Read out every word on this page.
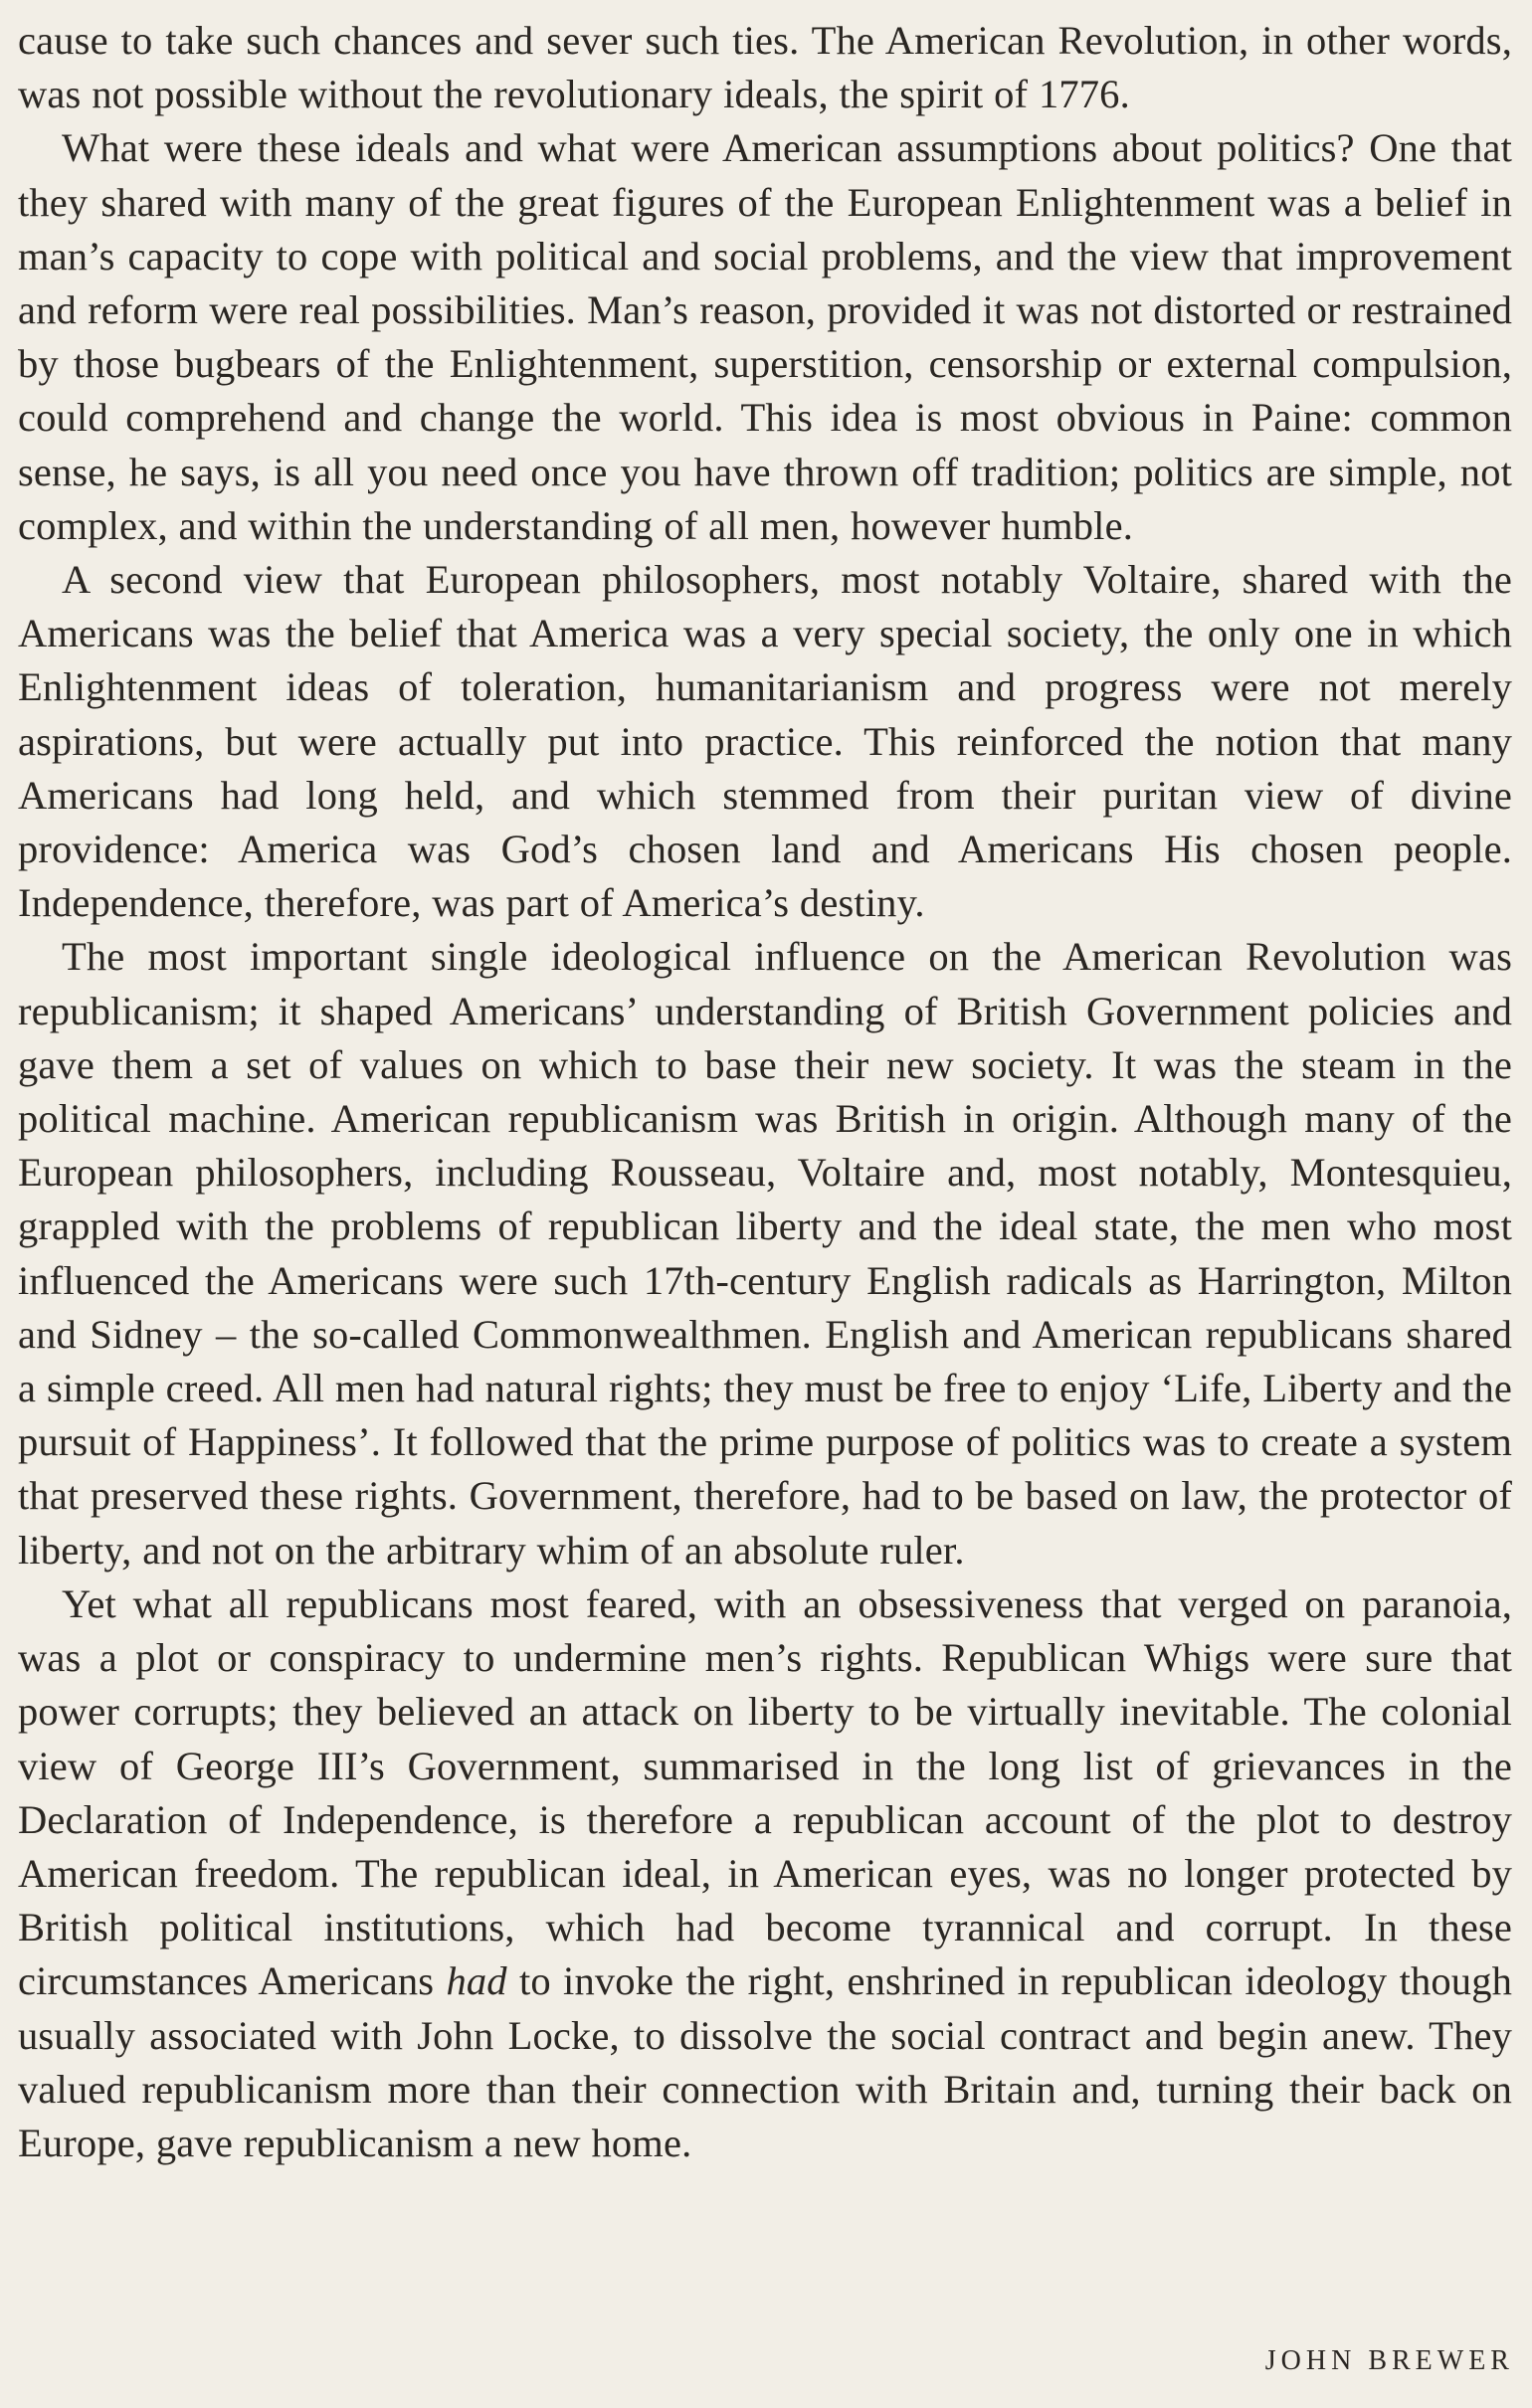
cause to take such chances and sever such ties. The American Revolution, in other words, was not possible without the revolutionary ideals, the spirit of 1776.

What were these ideals and what were American assumptions about politics? One that they shared with many of the great figures of the European Enlightenment was a belief in man’s capacity to cope with political and social problems, and the view that improvement and reform were real possibilities. Man’s reason, provided it was not distorted or restrained by those bugbears of the Enlightenment, superstition, censorship or external compulsion, could comprehend and change the world. This idea is most obvious in Paine: common sense, he says, is all you need once you have thrown off tradition; politics are simple, not complex, and within the understanding of all men, however humble.

A second view that European philosophers, most notably Voltaire, shared with the Americans was the belief that America was a very special society, the only one in which Enlightenment ideas of toleration, humanitarianism and progress were not merely aspirations, but were actually put into practice. This reinforced the notion that many Americans had long held, and which stemmed from their puritan view of divine providence: America was God’s chosen land and Americans His chosen people. Independence, therefore, was part of America’s destiny.

The most important single ideological influence on the American Revolution was republicanism; it shaped Americans’ understanding of British Government policies and gave them a set of values on which to base their new society. It was the steam in the political machine. American republicanism was British in origin. Although many of the European philosophers, including Rousseau, Voltaire and, most notably, Montesquieu, grappled with the problems of republican liberty and the ideal state, the men who most influenced the Americans were such 17th-century English radicals as Harrington, Milton and Sidney – the so-called Commonwealthmen. English and American republicans shared a simple creed. All men had natural rights; they must be free to enjoy ‘Life, Liberty and the pursuit of Happiness’. It followed that the prime purpose of politics was to create a system that preserved these rights. Government, therefore, had to be based on law, the protector of liberty, and not on the arbitrary whim of an absolute ruler.

Yet what all republicans most feared, with an obsessiveness that verged on paranoia, was a plot or conspiracy to undermine men’s rights. Republican Whigs were sure that power corrupts; they believed an attack on liberty to be virtually inevitable. The colonial view of George III’s Government, summarised in the long list of grievances in the Declaration of Independence, is therefore a republican account of the plot to destroy American freedom. The republican ideal, in American eyes, was no longer protected by British political institutions, which had become tyrannical and corrupt. In these circumstances Americans had to invoke the right, enshrined in republican ideology though usually associated with John Locke, to dissolve the social contract and begin anew. They valued republicanism more than their connection with Britain and, turning their back on Europe, gave republicanism a new home.

JOHN BREWER
